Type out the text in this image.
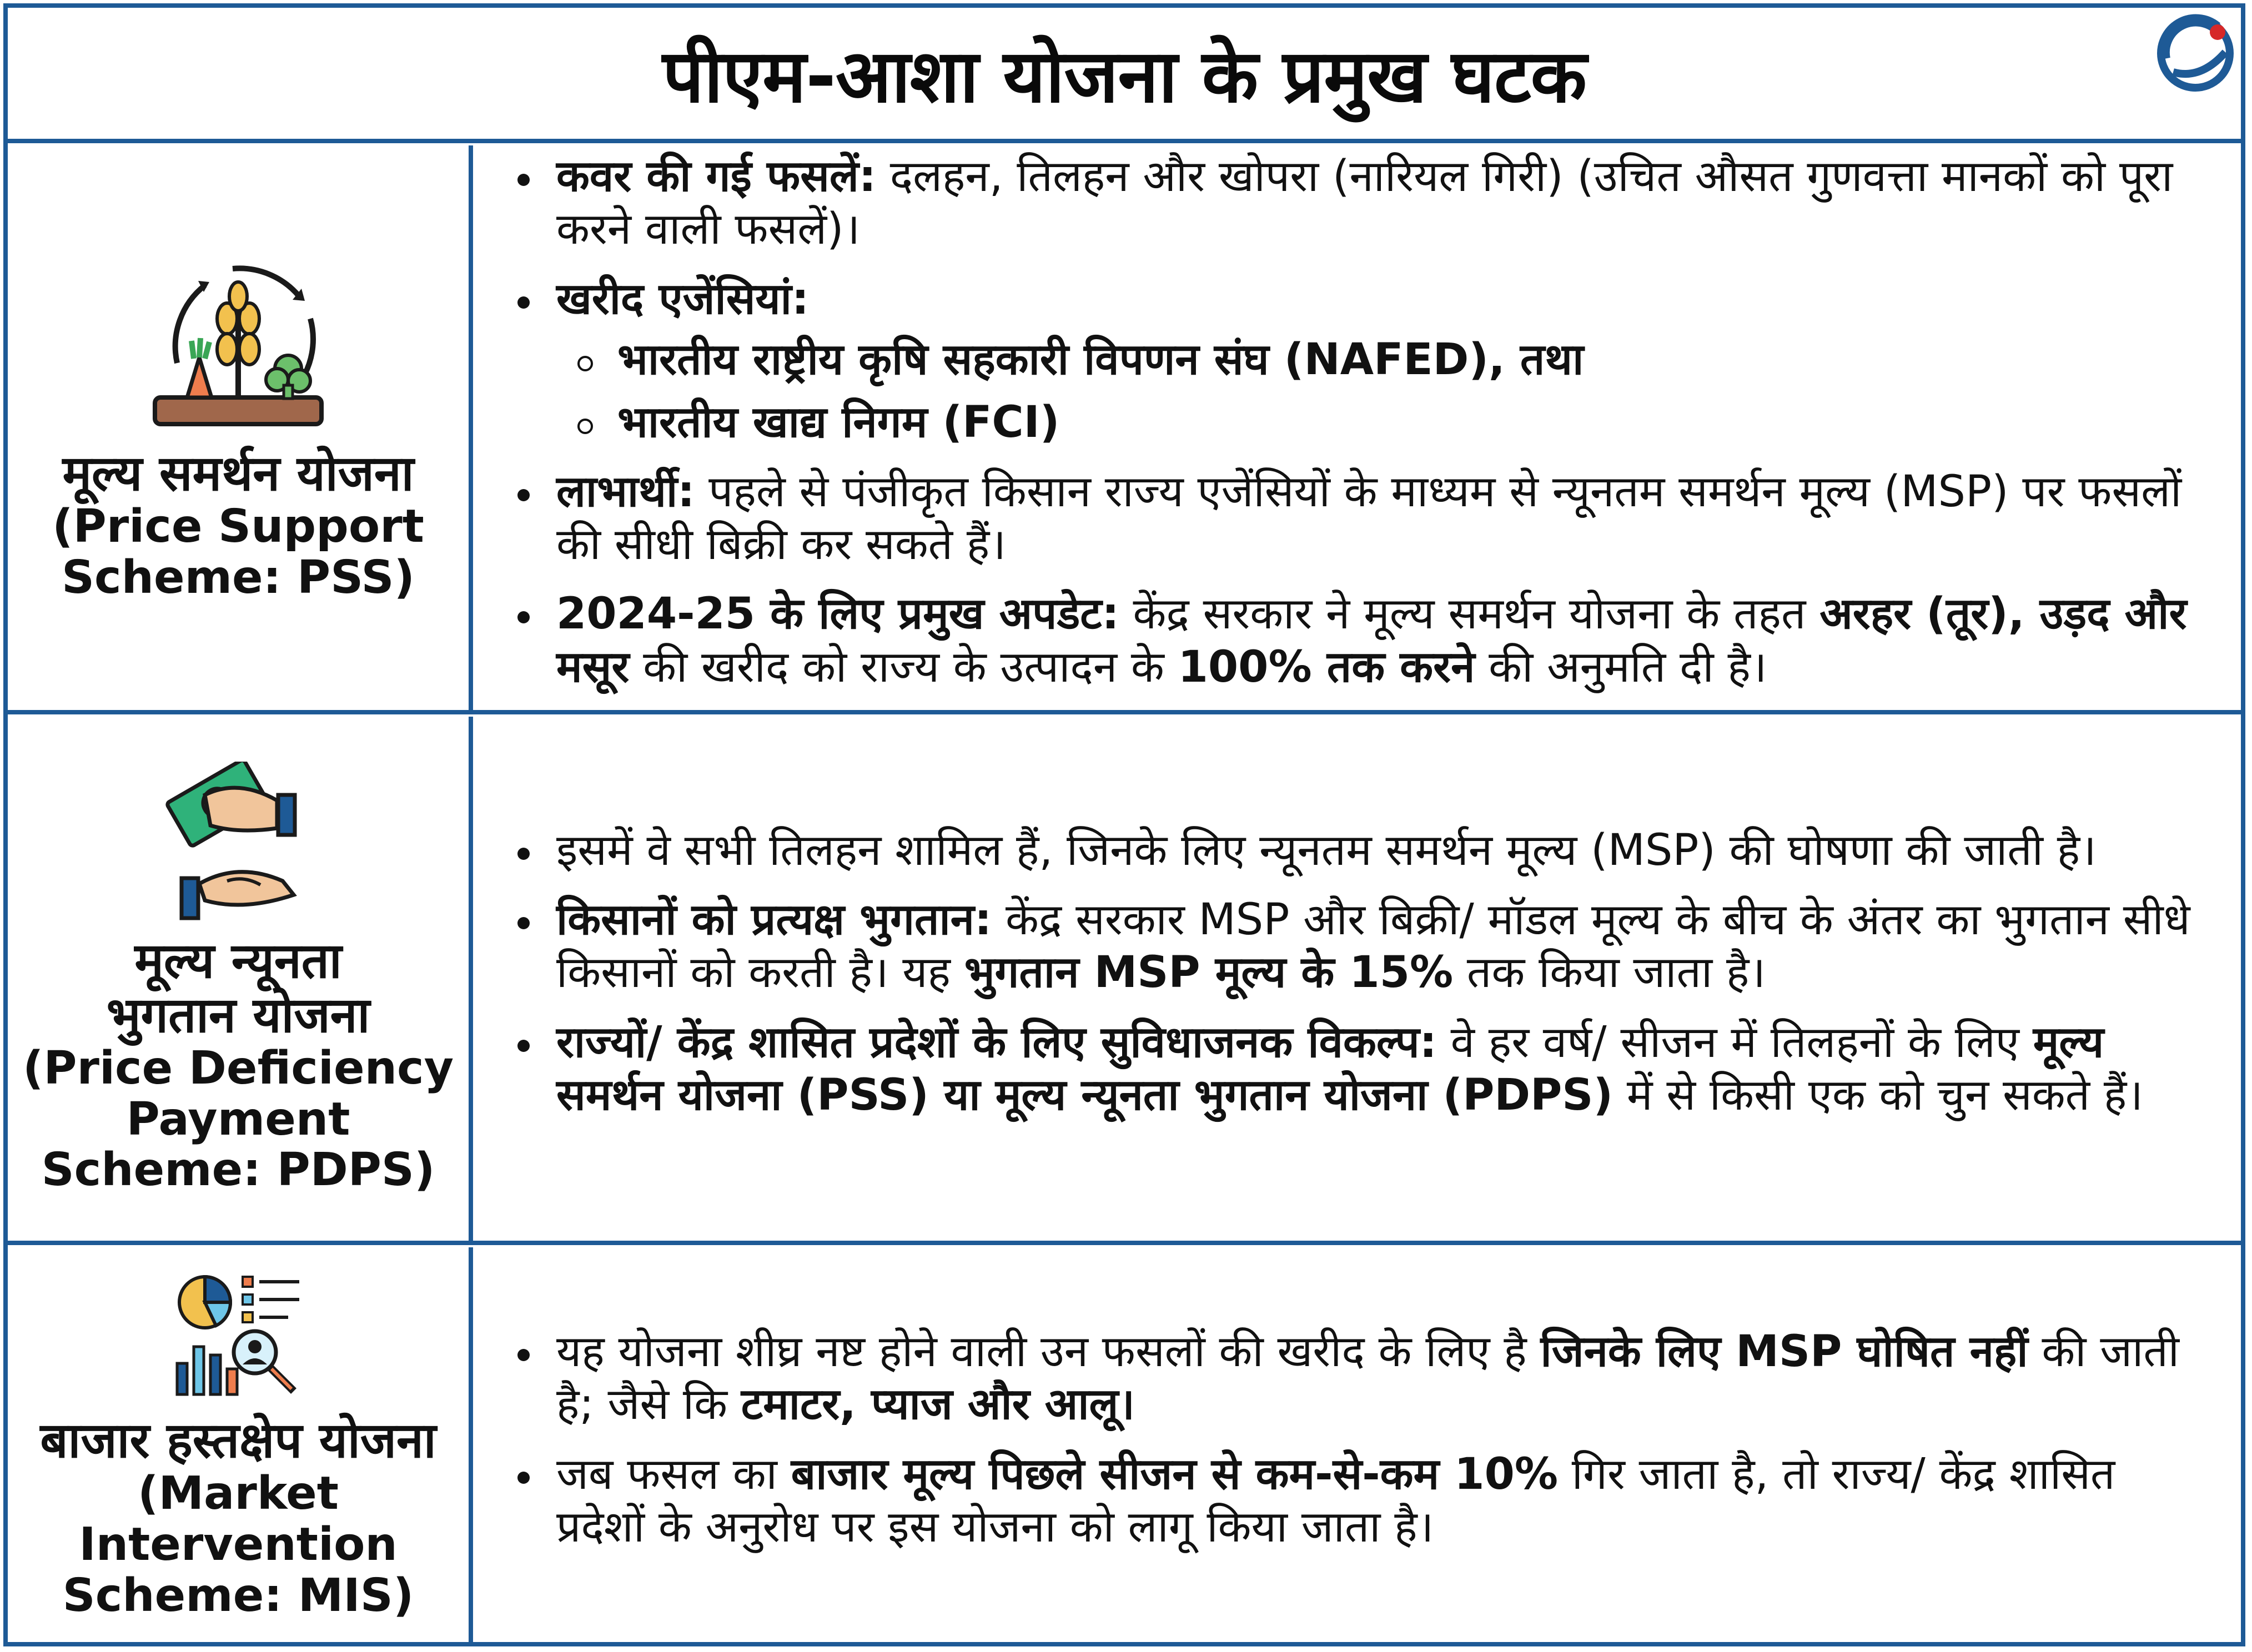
पीएम-आशा योजना के प्रमुख घटक
मूल्य समर्थन योजना
(Price Support
Scheme: PSS)
कवर की गई फसलें: दलहन, तिलहन और खोपरा (नारियल गिरी) (उचित औसत गुणवत्ता मानकों को पूरा करने वाली फसलें)।
खरीद एजेंसियां:
भारतीय राष्ट्रीय कृषि सहकारी विपणन संघ (NAFED), तथा
भारतीय खाद्य निगम (FCI)
लाभार्थी: पहले से पंजीकृत किसान राज्य एजेंसियों के माध्यम से न्यूनतम समर्थन मूल्य (MSP) पर फसलों की सीधी बिक्री कर सकते हैं।
2024-25 के लिए प्रमुख अपडेट: केंद्र सरकार ने मूल्य समर्थन योजना के तहत अरहर (तूर), उड़द और मसूर की खरीद को राज्य के उत्पादन के 100% तक करने की अनुमति दी है।
मूल्य न्यूनता
भुगतान योजना
(Price Deficiency
Payment
Scheme: PDPS)
इसमें वे सभी तिलहन शामिल हैं, जिनके लिए न्यूनतम समर्थन मूल्य (MSP) की घोषणा की जाती है।
किसानों को प्रत्यक्ष भुगतान: केंद्र सरकार MSP और बिक्री/ मॉडल मूल्य के बीच के अंतर का भुगतान सीधे किसानों को करती है। यह भुगतान MSP मूल्य के 15% तक किया जाता है।
राज्यों/ केंद्र शासित प्रदेशों के लिए सुविधाजनक विकल्प: वे हर वर्ष/ सीजन में तिलहनों के लिए मूल्य समर्थन योजना (PSS) या मूल्य न्यूनता भुगतान योजना (PDPS) में से किसी एक को चुन सकते हैं।
बाजार हस्तक्षेप योजना
(Market
Intervention
Scheme: MIS)
यह योजना शीघ्र नष्ट होने वाली उन फसलों की खरीद के लिए है जिनके लिए MSP घोषित नहीं की जाती है; जैसे कि टमाटर, प्याज और आलू।
जब फसल का बाजार मूल्य पिछले सीजन से कम-से-कम 10% गिर जाता है, तो राज्य/ केंद्र शासित प्रदेशों के अनुरोध पर इस योजना को लागू किया जाता है।
